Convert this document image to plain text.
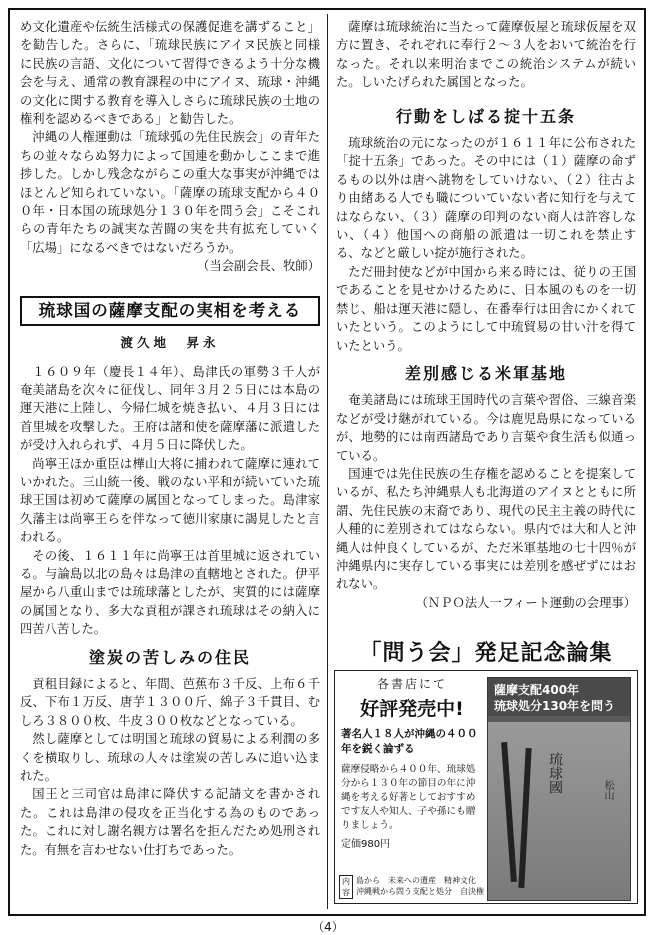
め文化遺産や伝統生活様式の保護促進を講ずること」を勧告した。さらに、「琉球民族にアイヌ民族と同様に民族の言語、文化について習得できるよう十分な機会を与え、通常の教育課程の中にアイヌ、琉球・沖縄の文化に関する教育を導入しさらに琉球民族の土地の権利を認めるべきである」と勧告した。

沖縄の人権運動は「琉球弧の先住民族会」の青年たちの並々ならぬ努力によって国連を動かしここまで進捗した。しかし残念ながらこの重大な事実が沖縄ではほとんど知られていない。「薩摩の琉球支配から４００年・日本国の琉球処分１３０年を問う会」こそこれらの青年たちの誠実な苦闘の実を共有拡充していく「広場」になるべきではないだろうか。

（当会副会長、牧師）

琉球国の薩摩支配の実相を考える
渡久地　昇永

１６０９年（慶長１４年）、島津氏の軍勢３千人が奄美諸島を次々に征伐し、同年３月２５日には本島の運天港に上陸し、今帰仁城を焼き払い、４月３日には首里城を攻撃した。王府は諸和使を薩摩藩に派遣したが受け入れられず、４月５日に降伏した。

尚寧王ほか重臣は樺山大将に捕われて薩摩に連れていかれた。三山統一後、戦のない平和が続いていた琉球王国は初めて薩摩の属国となってしまった。島津家久藩主は尚寧王らを伴なって徳川家康に謁見したと言われる。

その後、１６１１年に尚寧王は首里城に返されている。与論島以北の島々は島津の直轄地とされた。伊平屋から八重山までは琉球藩としたが、実質的には薩摩の属国となり、多大な貢租が課され琉球はその納入に四苦八苦した。

塗炭の苦しみの住民

貢租目録によると、年間、芭蕉布３千反、上布６千反、下布１万反、唐芋１３００斤、綿子３千貫目、むしろ３８００枚、牛皮３００枚などとなっている。

然し薩摩としては明国と琉球の貿易による利潤の多くを横取りし、琉球の人々は塗炭の苦しみに追い込まれた。

国王と三司官は島津に降伏する記請文を書かされた。これは島津の侵攻を正当化する為のものであった。これに対し謝名親方は署名を拒んだため処刑された。有無を言わせない仕打ちであった。

薩摩は琉球統治に当たって薩摩仮屋と琉球仮屋を双方に置き、それぞれに奉行２～３人をおいて統治を行なった。それ以来明治までこの統治システムが続いた。しいたげられた属国となった。

行動をしばる掟十五条

琉球統治の元になったのが１６１１年に公布された「掟十五条」であった。その中には（１）薩摩の命ずるもの以外は唐へ誂物をしていけない、（２）往古より由緒ある人でも職についていない者に知行を与えてはならない、（３）薩摩の印判のない商人は許容しない、（４）他国への商船の派遣は一切これを禁止する、などと厳しい掟が施行された。

ただ冊封使などが中国から来る時には、従りの王国であることを見せかけるために、日本風のものを一切禁じ、船は運天港に隠し、在番奉行は田舎にかくれていたという。このようにして中琉貿易の甘い汁を得ていたという。

差別感じる米軍基地

奄美諸島には琉球王国時代の言葉や習俗、三線音楽などが受け継がれている。今は鹿児島県になっているが、地勢的には南西諸島であり言葉や食生活も似通っている。

国連では先住民族の生存権を認めることを提案しているが、私たち沖縄県人も北海道のアイヌとともに所謂、先住民族の末裔であり、現代の民主主義の時代に人種的に差別されてはならない。県内では大和人と沖縄人は仲良くしているが、ただ米軍基地の七十四％が沖縄県内に実存している事実には差別を感ぜずにはおれない。

（ＮＰＯ法人一フィート運動の会理事）

「問う会」発足記念論集
各書店にて
好評発売中!
著名人１８人が沖縄の４００年を鋭く論ずる
薩摩侵略から４００年、琉球処分から１３０年の節目の年に沖縄を考える好著としておすすめです友人や知人、子や孫にも贈りましょう。
定価980円
内容
島から　未来への遺産　精神文化
沖縄戦から問う支配と処分　自決権
薩摩支配400年
琉球処分130年を問う
琉球國	松山
（4）
